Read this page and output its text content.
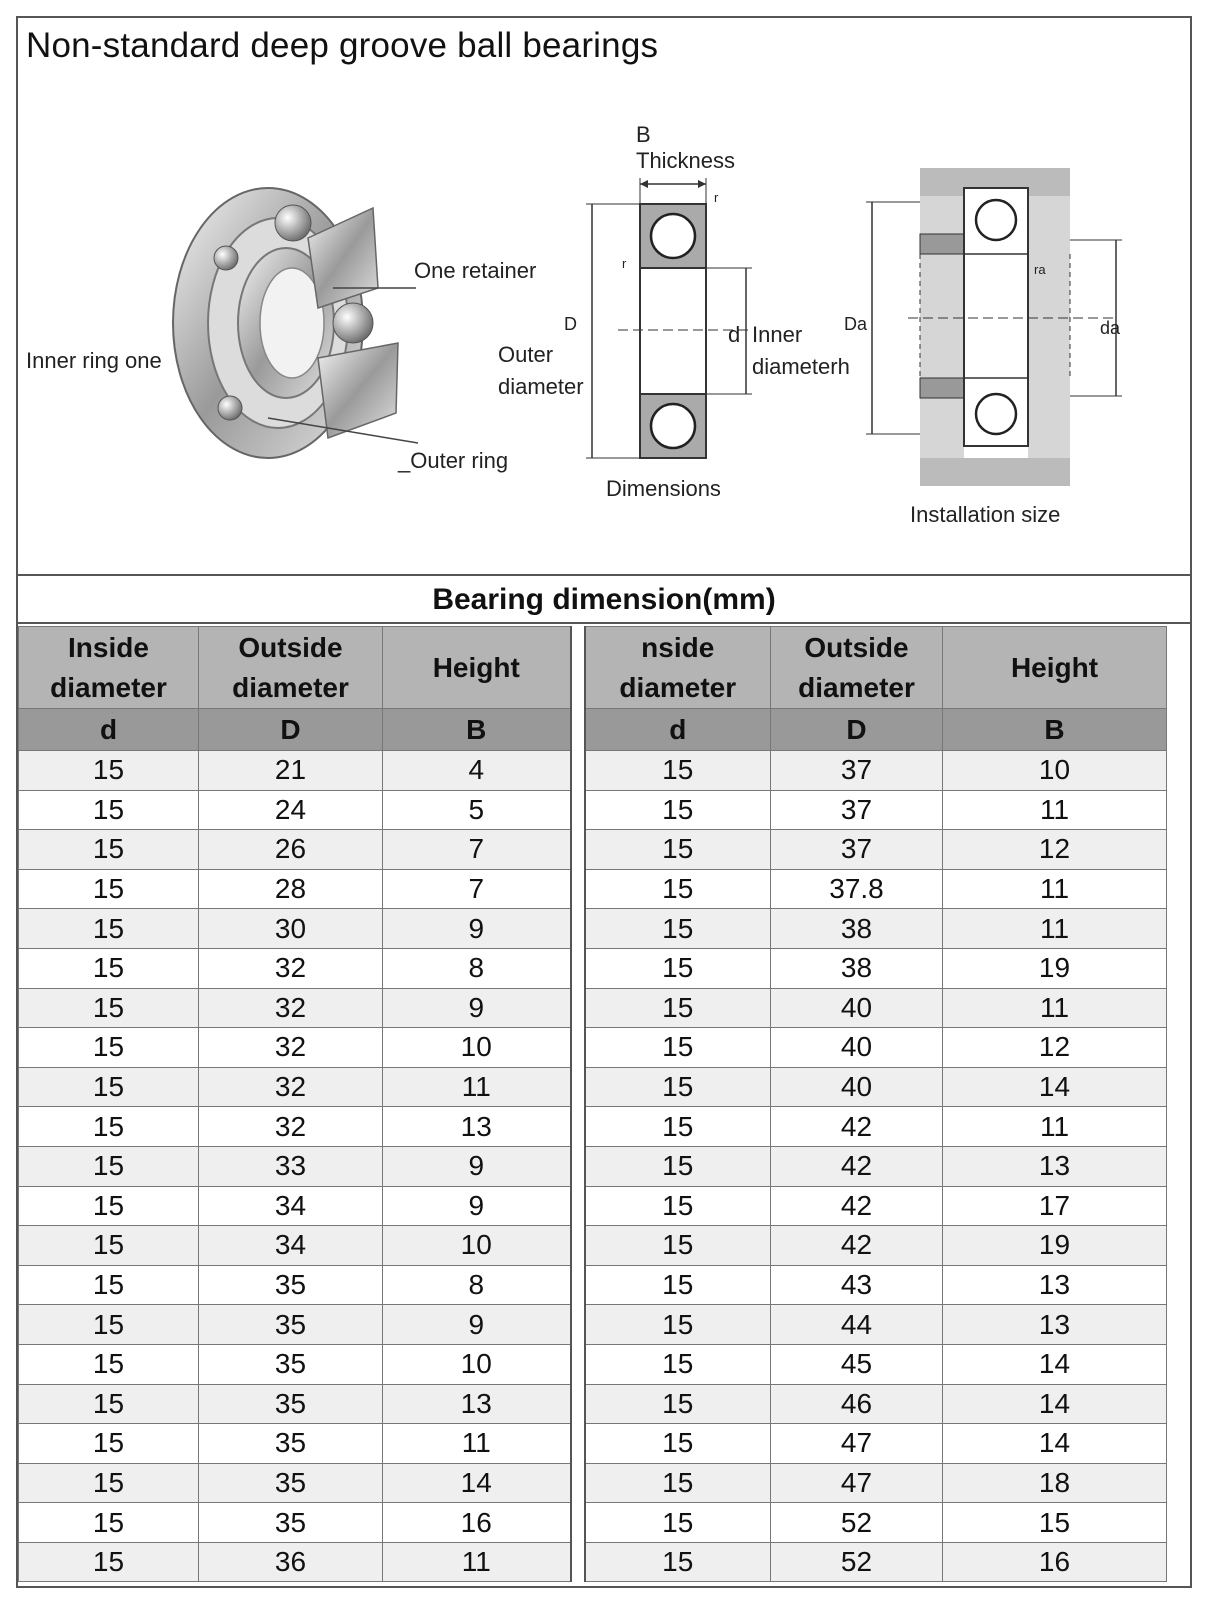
Non-standard deep groove ball bearings
One retainer
Inner ring one
_Outer ring
B
Thickness
r
r
D
Outer
diameter
d Inner
diameterh
Dimensions
Da
ra
da
Installation size
Bearing dimension(mm)
Inside diameter	Outside diameter	Height		nside diameter	Outside diameter	Height
d	D	B		d	D	B
15	21	4		15	37	10
15	24	5		15	37	11
15	26	7		15	37	12
15	28	7		15	37.8	11
15	30	9		15	38	11
15	32	8		15	38	19
15	32	9		15	40	11
15	32	10		15	40	12
15	32	11		15	40	14
15	32	13		15	42	11
15	33	9		15	42	13
15	34	9		15	42	17
15	34	10		15	42	19
15	35	8		15	43	13
15	35	9		15	44	13
15	35	10		15	45	14
15	35	13		15	46	14
15	35	11		15	47	14
15	35	14		15	47	18
15	35	16		15	52	15
15	36	11		15	52	16
